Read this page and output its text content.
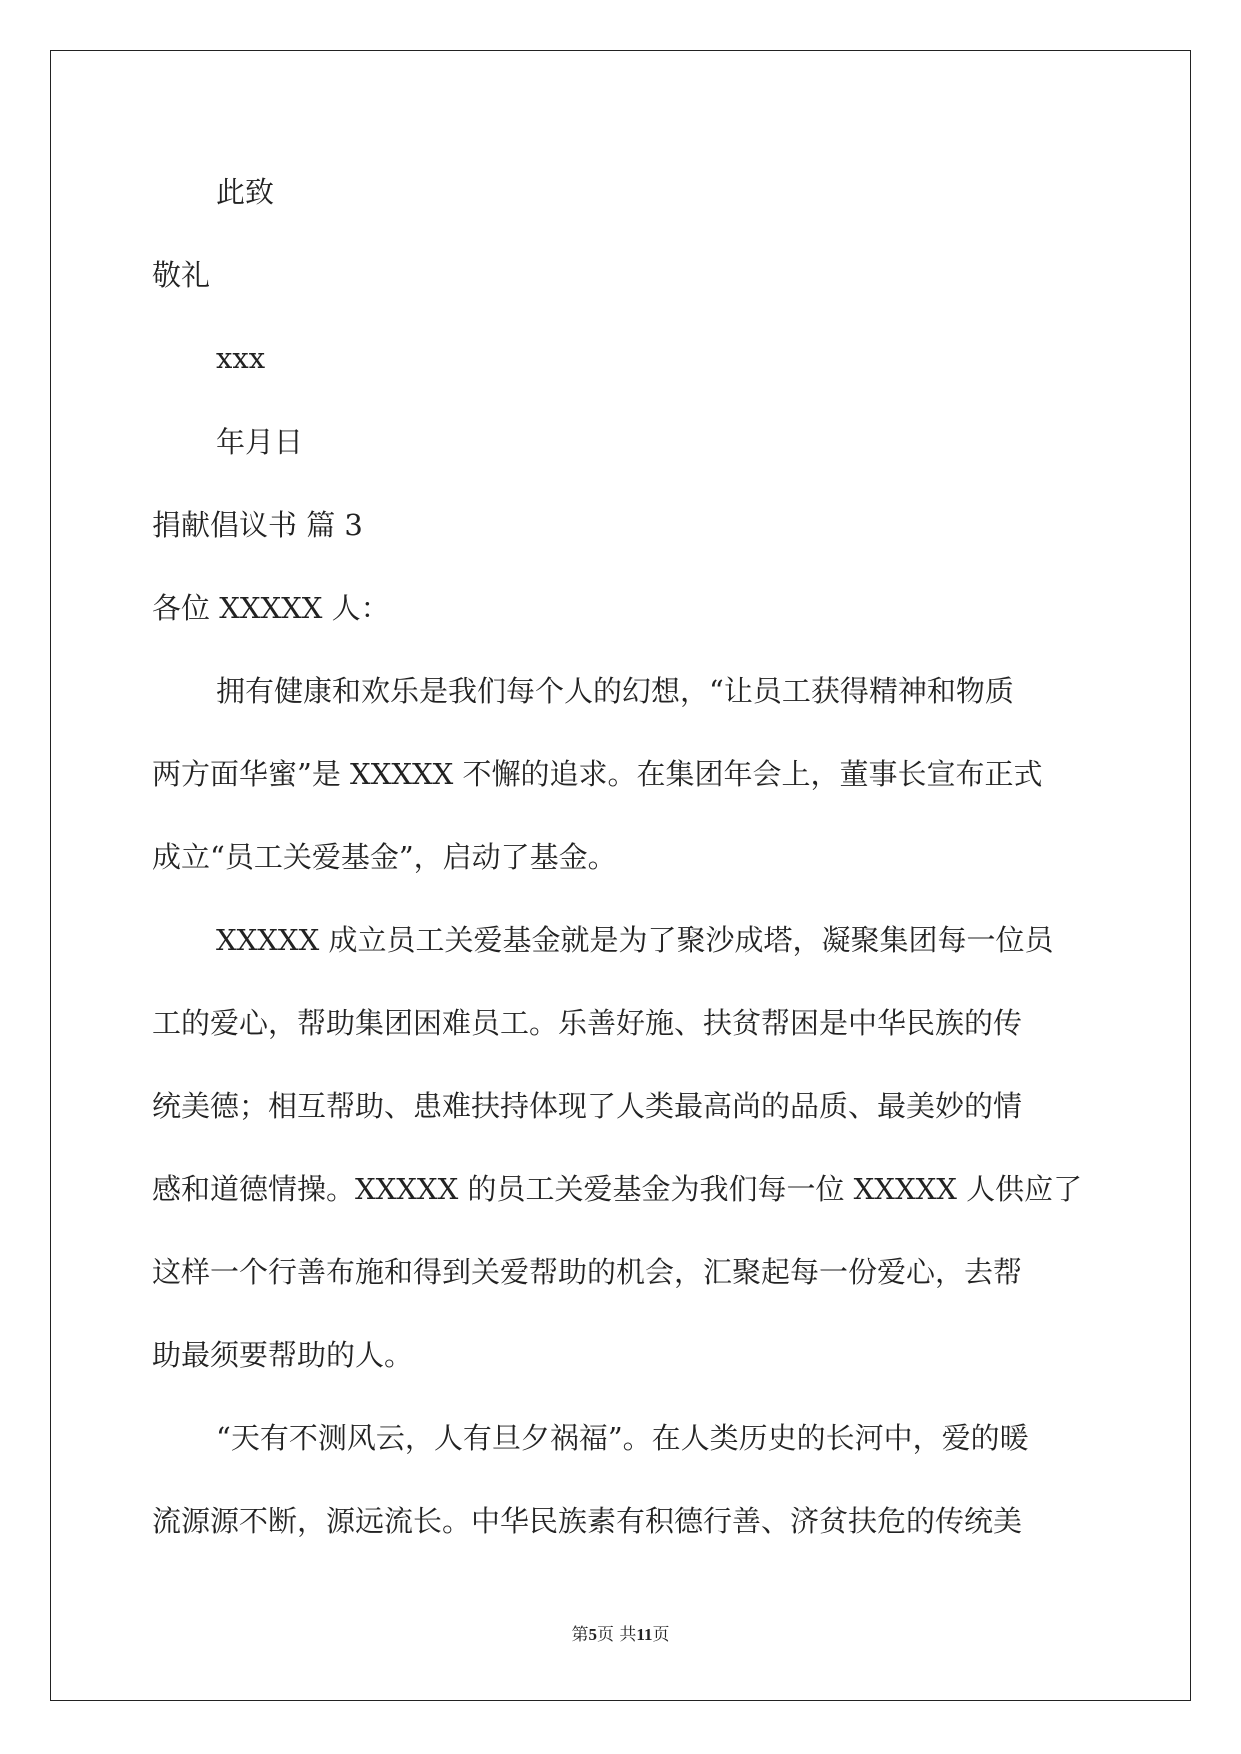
此致
敬礼
xxx
年月日
捐献倡议书 篇 3
各位 XXXXX 人：
拥有健康和欢乐是我们每个人的幻想，“让员工获得精神和物质
两方面华蜜”是 XXXXX 不懈的追求。在集团年会上，董事长宣布正式
成立“员工关爱基金”，启动了基金。
XXXXX 成立员工关爱基金就是为了聚沙成塔，凝聚集团每一位员
工的爱心，帮助集团困难员工。乐善好施、扶贫帮困是中华民族的传
统美德；相互帮助、患难扶持体现了人类最高尚的品质、最美妙的情
感和道德情操。XXXXX 的员工关爱基金为我们每一位 XXXXX 人供应了
这样一个行善布施和得到关爱帮助的机会，汇聚起每一份爱心，去帮
助最须要帮助的人。
“天有不测风云，人有旦夕祸福”。在人类历史的长河中，爱的暖
流源源不断，源远流长。中华民族素有积德行善、济贫扶危的传统美
第5页 共11页
